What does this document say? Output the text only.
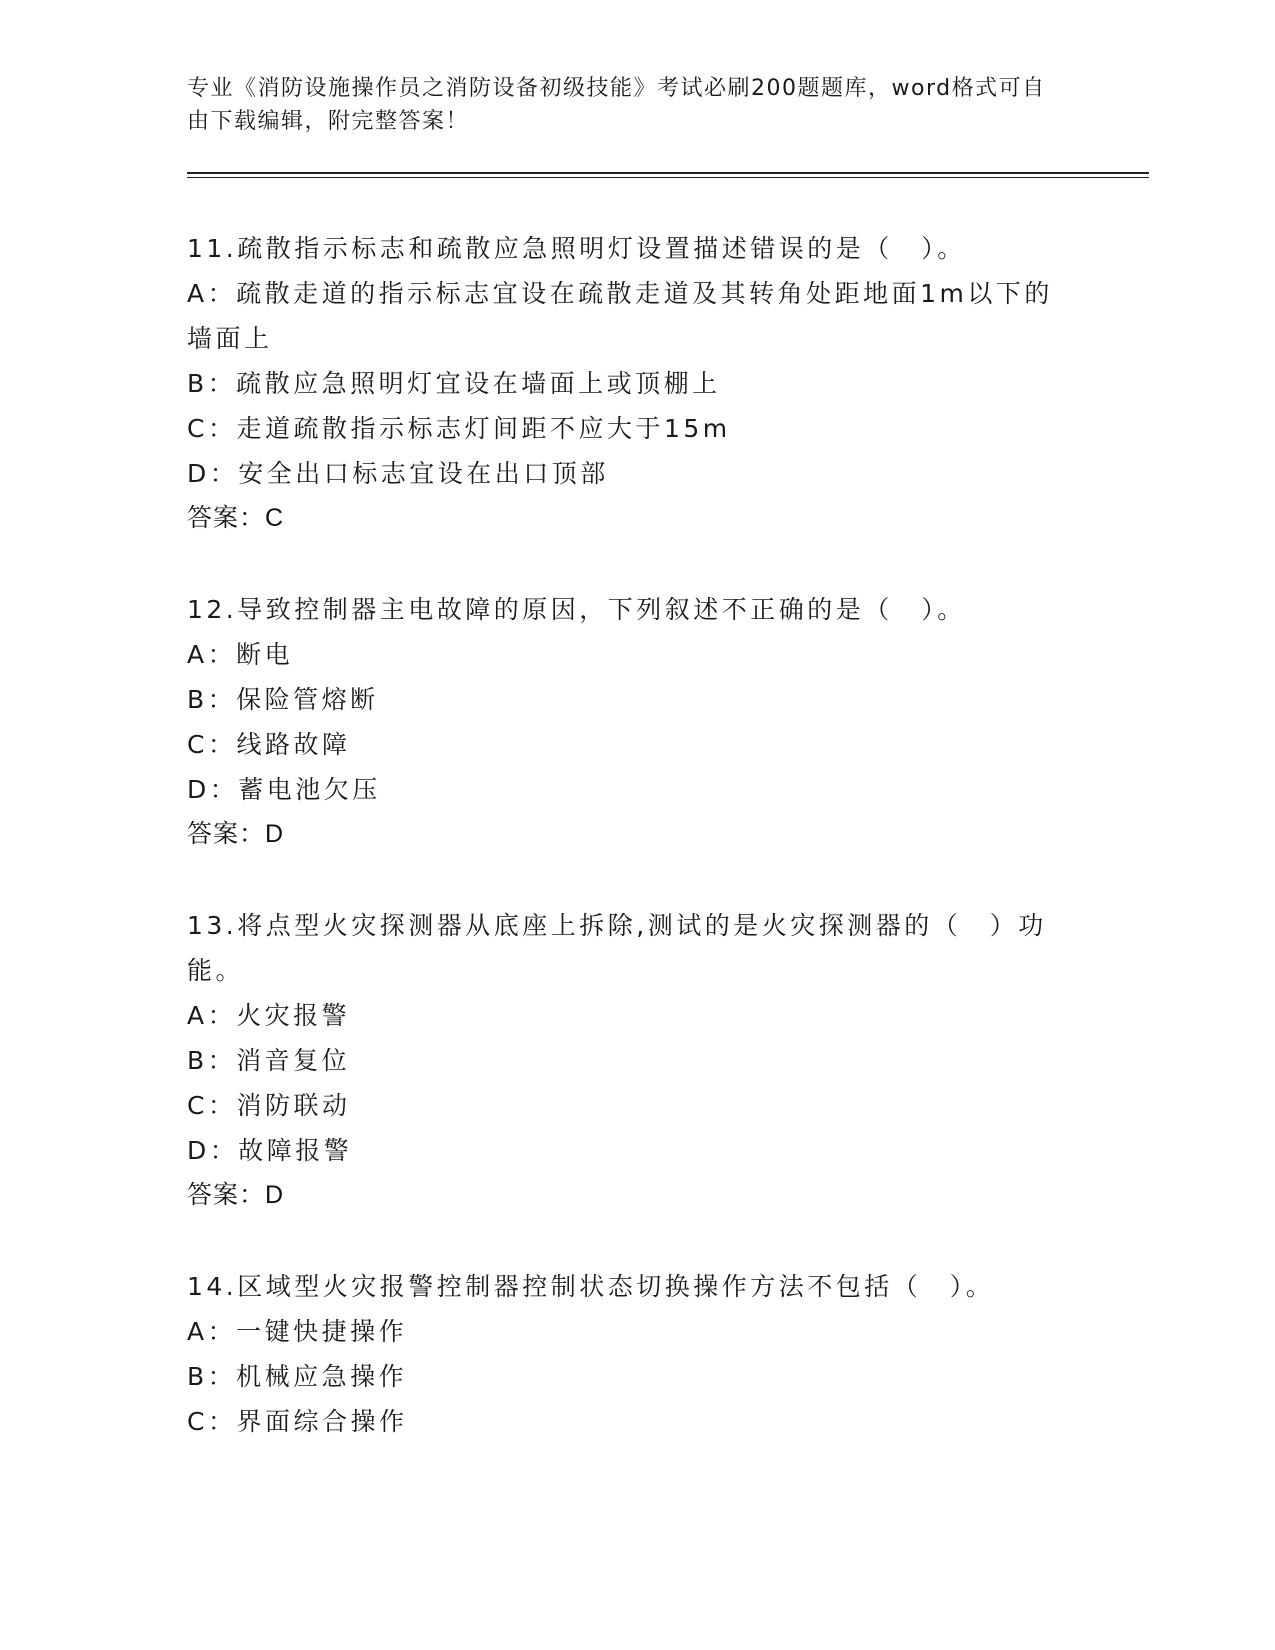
专业《消防设施操作员之消防设备初级技能》考试必刷200题题库，word格式可自由下载编辑，附完整答案！
11.疏散指示标志和疏散应急照明灯设置描述错误的是（　）。
A：疏散走道的指示标志宜设在疏散走道及其转角处距地面1m以下的墙面上
B：疏散应急照明灯宜设在墙面上或顶棚上
C：走道疏散指示标志灯间距不应大于15m
D：安全出口标志宜设在出口顶部
答案：C
12.导致控制器主电故障的原因，下列叙述不正确的是（　）。
A：断电
B：保险管熔断
C：线路故障
D：蓄电池欠压
答案：D
13.将点型火灾探测器从底座上拆除,测试的是火灾探测器的（　）功能。
A：火灾报警
B：消音复位
C：消防联动
D：故障报警
答案：D
14.区域型火灾报警控制器控制状态切换操作方法不包括（　）。
A：一键快捷操作
B：机械应急操作
C：界面综合操作
